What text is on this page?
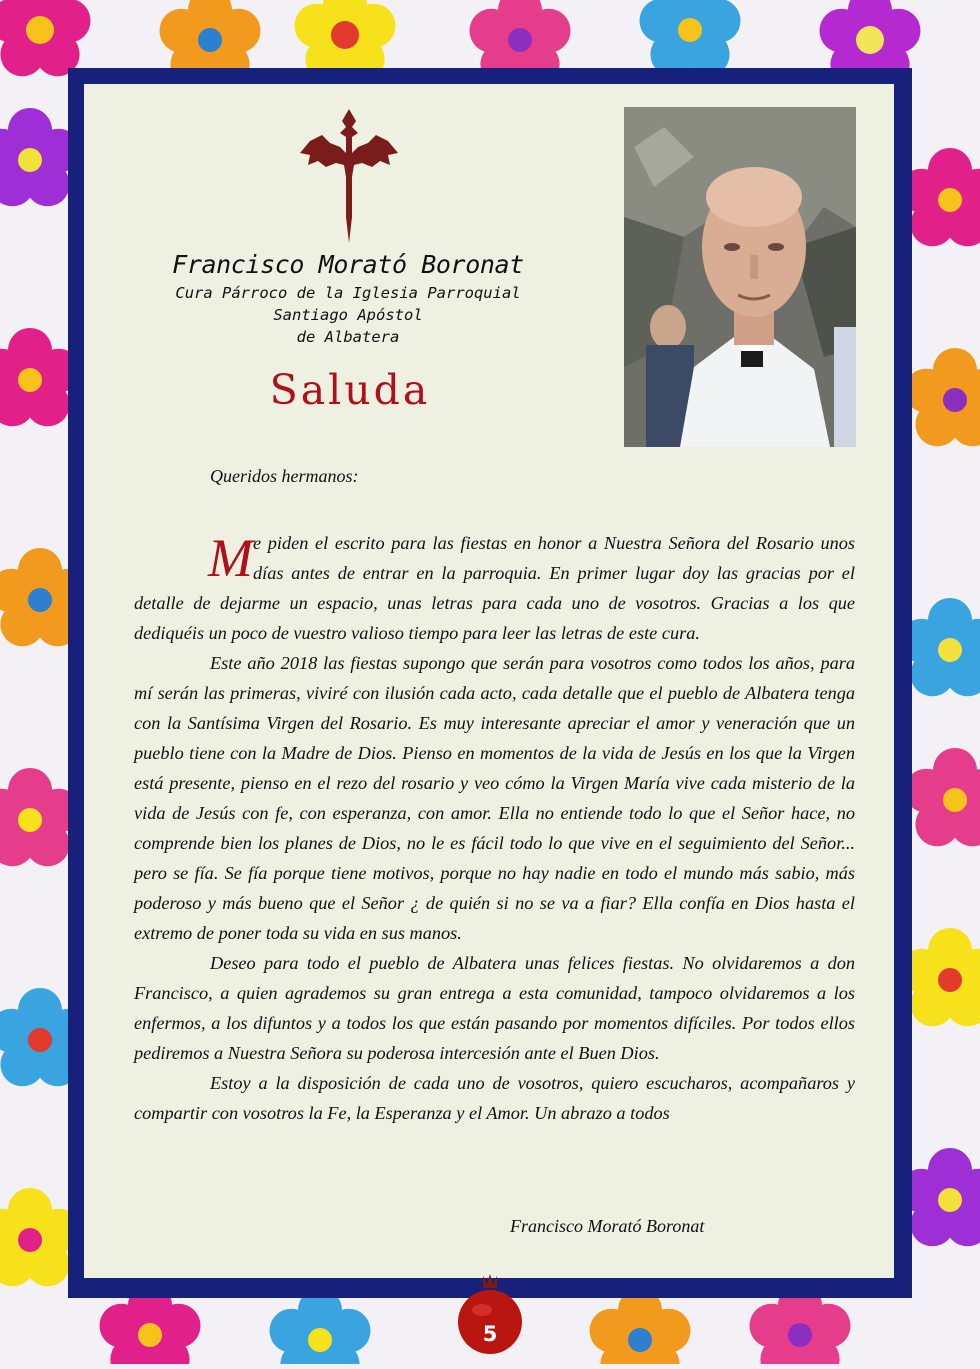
Francisco Morató Boronat
Cura Párroco de la Iglesia Parroquial
Santiago Apóstol
de Albatera
Saluda
Queridos hermanos:

Me piden el escrito para las fiestas en honor a Nuestra Señora del Rosario unos días antes de entrar en la parroquia. En primer lugar doy las gracias por el detalle de dejarme un espacio, unas letras para cada uno de vosotros. Gracias a los que dediquéis un poco de vuestro valioso tiempo para leer las letras de este cura.

Este año 2018 las fiestas supongo que serán para vosotros como todos los años, para mí serán las primeras, viviré con ilusión cada acto, cada detalle que el pueblo de Albatera tenga con la Santísima Virgen del Rosario. Es muy interesante apreciar el amor y veneración que un pueblo tiene con la Madre de Dios. Pienso en momentos de la vida de Jesús en los que la Virgen está presente, pienso en el rezo del rosario y veo cómo la Virgen María vive cada misterio de la vida de Jesús con fe, con esperanza, con amor. Ella no entiende todo lo que el Señor hace, no comprende bien los planes de Dios, no le es fácil todo lo que vive en el seguimiento del Señor... pero se fía. Se fía porque tiene motivos, porque no hay nadie en todo el mundo más sabio, más poderoso y más bueno que el Señor ¿ de quién si no se va a fiar? Ella confía en Dios hasta el extremo de poner toda su vida en sus manos.

Deseo para todo el pueblo de Albatera unas felices fiestas. No olvidaremos a don Francisco, a quien agrademos su gran entrega a esta comunidad, tampoco olvidaremos a los enfermos, a los difuntos y a todos los que están pasando por momentos difíciles. Por todos ellos pediremos a Nuestra Señora su poderosa intercesión ante el Buen Dios.

Estoy a la disposición de cada uno de vosotros, quiero escucharos, acompañaros y compartir con vosotros la Fe, la Esperanza y el Amor. Un abrazo a todos

Francisco Morató Boronat
5
